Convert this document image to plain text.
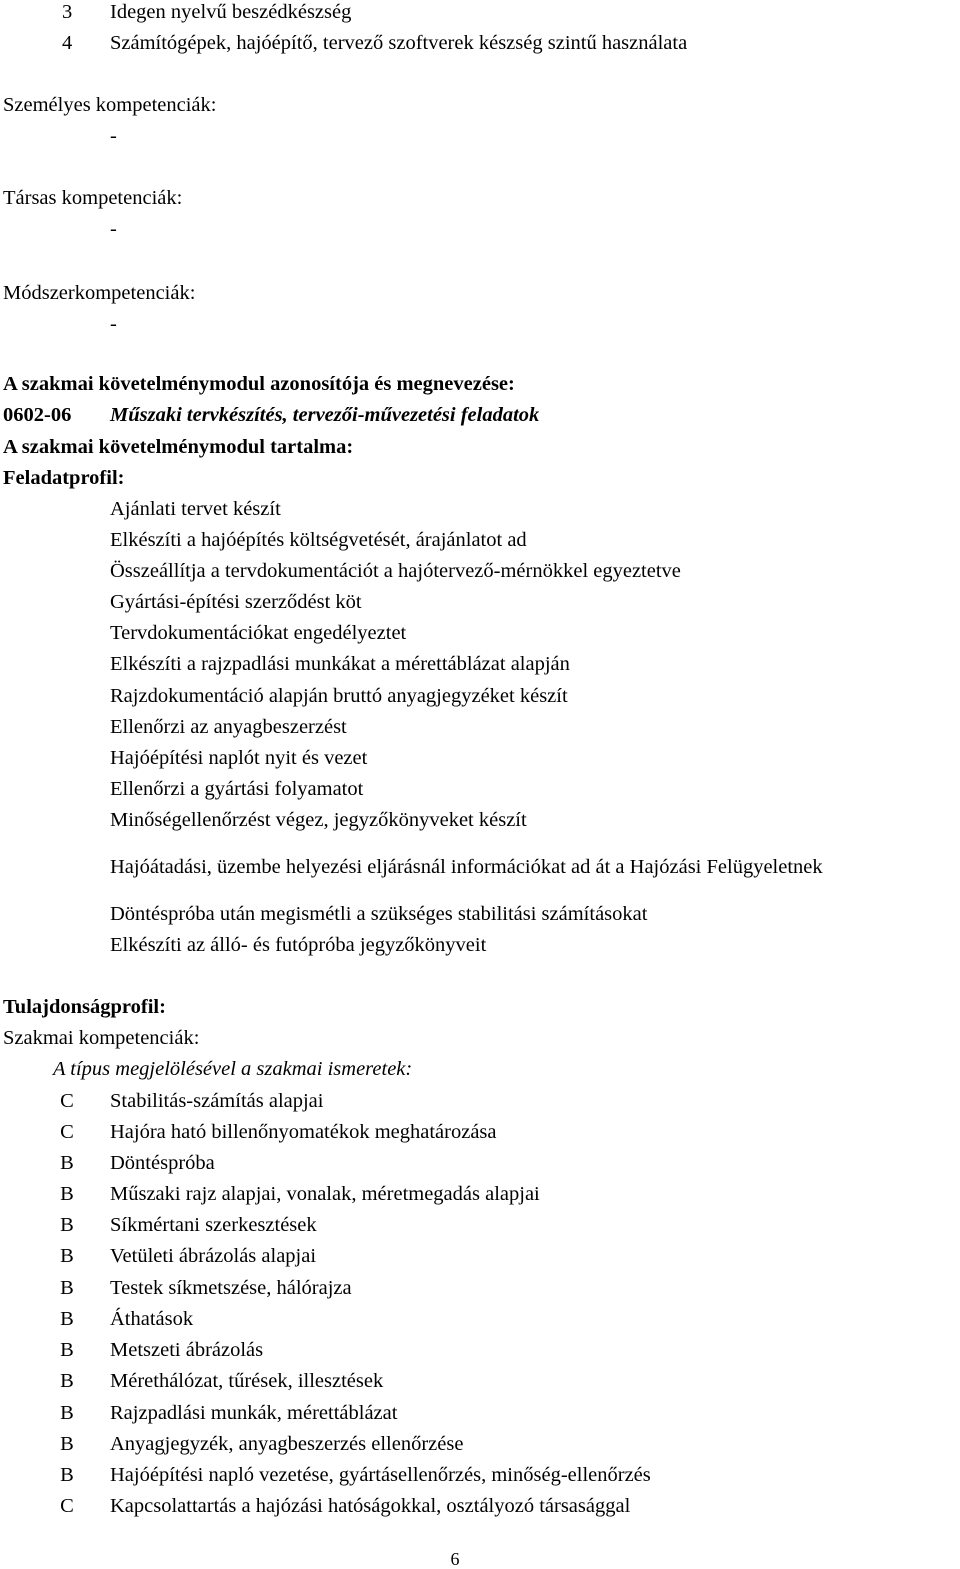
3 Idegen nyelvű beszédkészség
4 Számítógépek, hajóépítő, tervező szoftverek készség szintű használata
Személyes kompetenciák:
-
Társas kompetenciák:
-
Módszerkompetenciák:
-
A szakmai követelménymodul azonosítója és megnevezése:
0602-06 Műszaki tervkészítés, tervezői-művezetési feladatok
A szakmai követelménymodul tartalma:
Feladatprofil:
Ajánlati tervet készít
Elkészíti a hajóépítés költségvetését, árajánlatot ad
Összeállítja a tervdokumentációt a hajótervező-mérnökkel egyeztetve
Gyártási-építési szerződést köt
Tervdokumentációkat engedélyeztet
Elkészíti a rajzpadlási munkákat a mérettáblázat alapján
Rajzdokumentáció alapján bruttó anyagjegyzéket készít
Ellenőrzi az anyagbeszerzést
Hajóépítési naplót nyit és vezet
Ellenőrzi a gyártási folyamatot
Minőségellenőrzést végez, jegyzőkönyveket készít
Hajóátadási, üzembe helyezési eljárásnál információkat ad át a Hajózási Felügyeletnek
Döntéspróba után megismétli a szükséges stabilitási számításokat
Elkészíti az álló- és futópróba jegyzőkönyveit
Tulajdonságprofil:
Szakmai kompetenciák:
A típus megjelölésével a szakmai ismeretek:
C Stabilitás-számítás alapjai
C Hajóra ható billenőnyomatékok meghatározása
B Döntéspróba
B Műszaki rajz alapjai, vonalak, méretmegadás alapjai
B Síkmértani szerkesztések
B Vetületi ábrázolás alapjai
B Testek síkmetszése, hálórajza
B Áthatások
B Metszeti ábrázolás
B Mérethálózat, tűrések, illesztések
B Rajzpadlási munkák, mérettáblázat
B Anyagjegyzék, anyagbeszerzés ellenőrzése
B Hajóépítési napló vezetése, gyártásellenőrzés, minőség-ellenőrzés
C Kapcsolattartás a hajózási hatóságokkal, osztályozó társasággal
6
